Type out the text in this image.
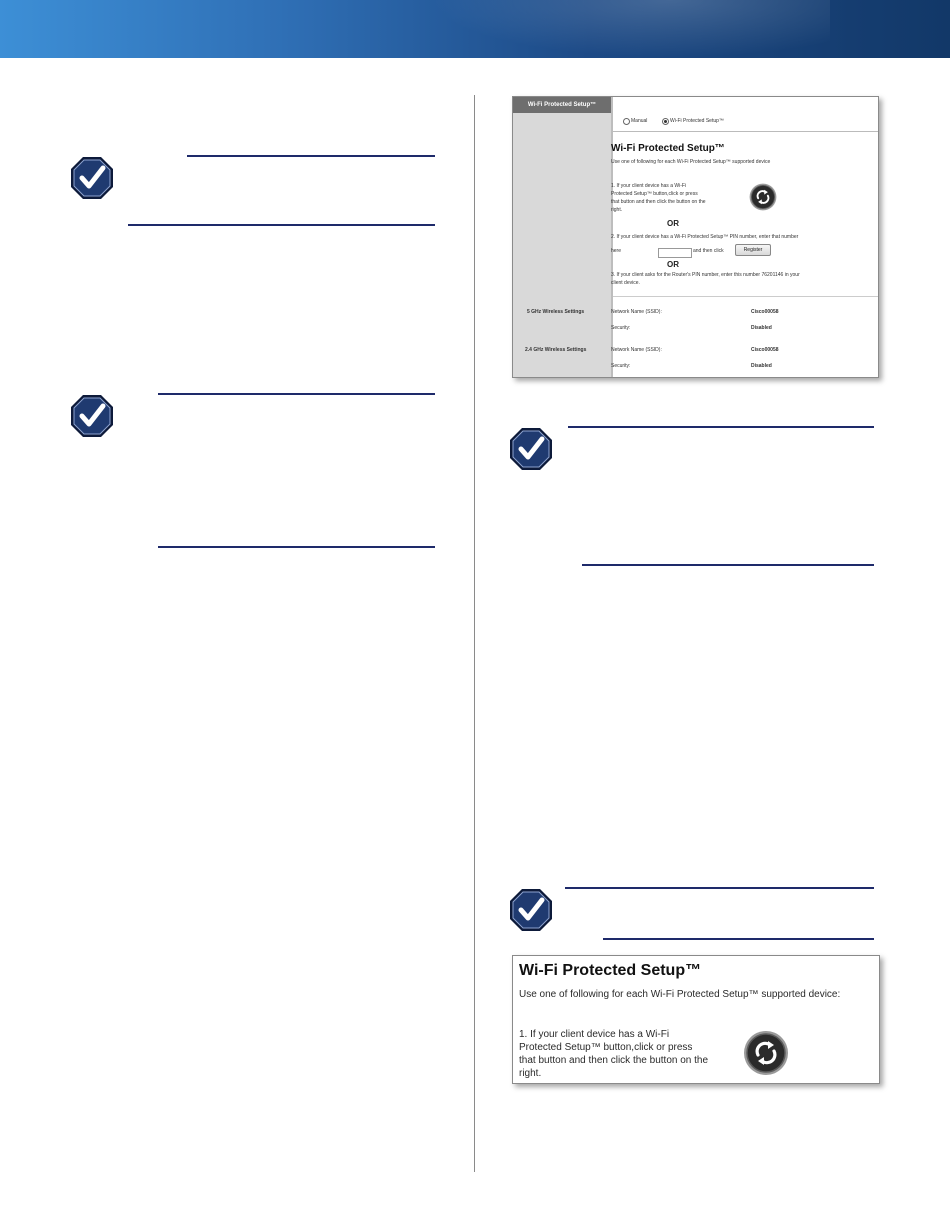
Wi-Fi Protected Setup™
Manual	Wi-Fi Protected Setup™
Wi-Fi Protected Setup™
Use one of following for each Wi-Fi Protected Setup™ supported device
1. If your client device has a Wi-Fi
Protected Setup™ button,click or press
that button and then click the button on the
right.
OR
2. If your client device has a Wi-Fi Protected Setup™ PIN number, enter that number
here	and then click	Register
OR
3. If your client asks for the Router's PIN number, enter this number 76201146 in your
client device.
5 GHz Wireless Settings	Network Name (SSID):	Cisco00058
Security:	Disabled
2.4 GHz Wireless Settings	Network Name (SSID):	Cisco00058
Security:	Disabled
Wi-Fi Protected Setup™
Use one of following for each Wi-Fi Protected Setup™ supported device:
1. If your client device has a Wi-Fi
Protected Setup™ button,click or press
that button and then click the button on the
right.
